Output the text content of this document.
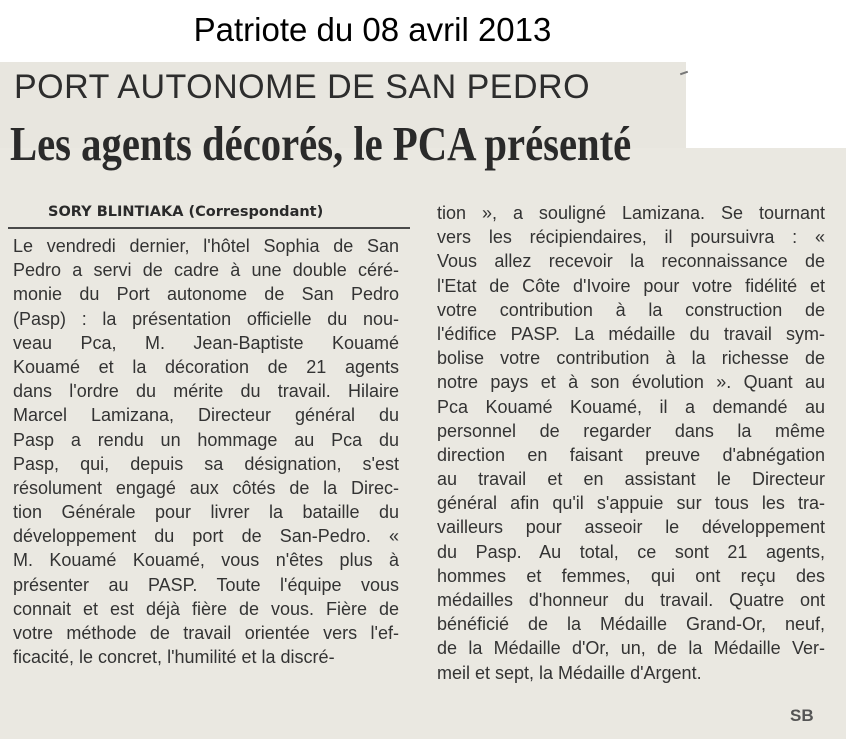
Patriote du 08 avril 2013
PORT AUTONOME DE SAN PEDRO
Les agents décorés, le PCA présenté
SORY BLINTIAKA (Correspondant)
Le vendredi dernier, l'hôtel Sophia de San
Pedro a servi de cadre à une double céré-
monie du Port autonome de San Pedro
(Pasp) : la présentation officielle du nou-
veau Pca, M. Jean-Baptiste Kouamé
Kouamé et la décoration de 21 agents
dans l'ordre du mérite du travail. Hilaire
Marcel Lamizana, Directeur général du
Pasp a rendu un hommage au Pca du
Pasp, qui, depuis sa désignation, s'est
résolument engagé aux côtés de la Direc-
tion Générale pour livrer la bataille du
développement du port de San-Pedro. «
M. Kouamé Kouamé, vous n'êtes plus à
présenter au PASP. Toute l'équipe vous
connait et est déjà fière de vous. Fière de
votre méthode de travail orientée vers l'ef-
ficacité, le concret, l'humilité et la discré-
tion », a souligné Lamizana. Se tournant
vers les récipiendaires, il poursuivra : «
Vous allez recevoir la reconnaissance de
l'Etat de Côte d'Ivoire pour votre fidélité et
votre contribution à la construction de
l'édifice PASP. La médaille du travail sym-
bolise votre contribution à la richesse de
notre pays et à son évolution ». Quant au
Pca Kouamé Kouamé, il a demandé au
personnel de regarder dans la même
direction en faisant preuve d'abnégation
au travail et en assistant le Directeur
général afin qu'il s'appuie sur tous les tra-
vailleurs pour asseoir le développement
du Pasp. Au total, ce sont 21 agents,
hommes et femmes, qui ont reçu des
médailles d'honneur du travail. Quatre ont
bénéficié de la Médaille Grand-Or, neuf,
de la Médaille d'Or, un, de la Médaille Ver-
meil et sept, la Médaille d'Argent.
SB
